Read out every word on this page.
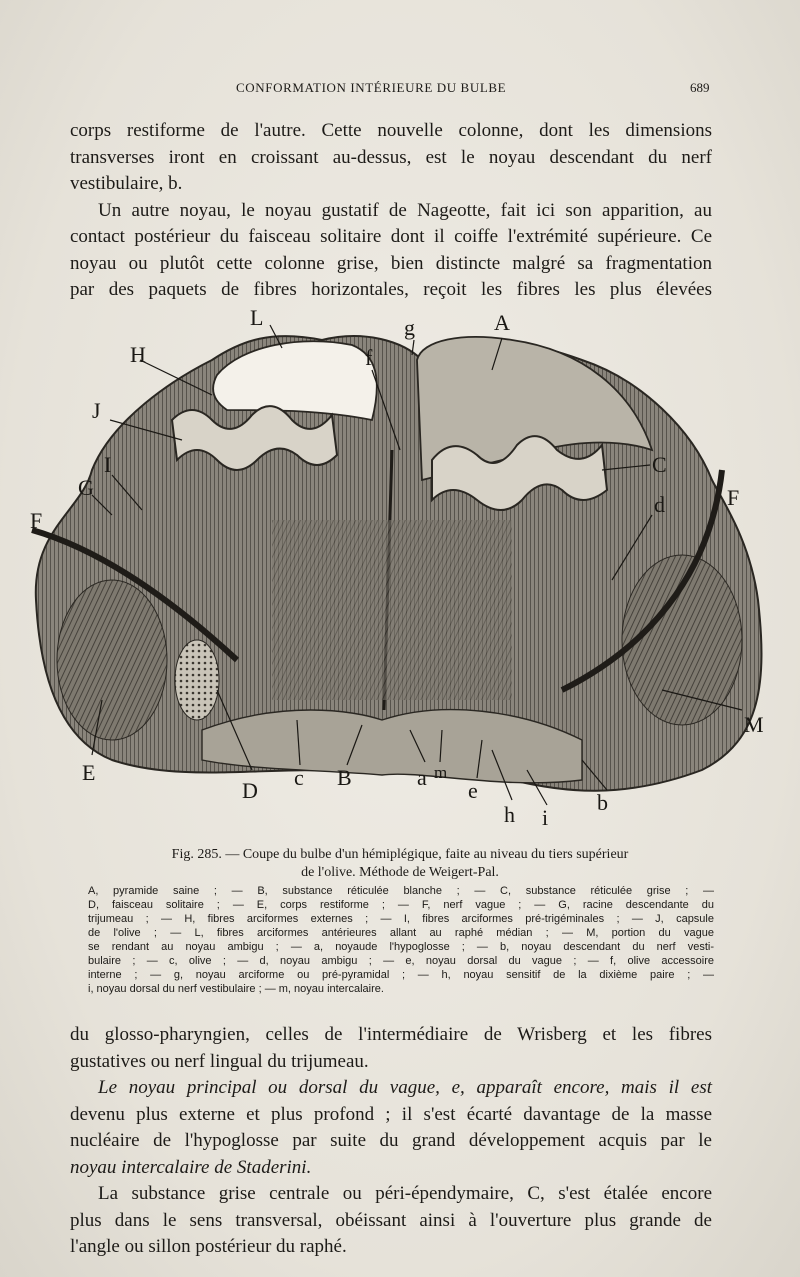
CONFORMATION INTÉRIEURE DU BULBE	689
corps restiforme de l'autre. Cette nouvelle colonne, dont les dimensions
transverses iront en croissant au-dessus, est le noyau descendant du nerf
vestibulaire, b.
Un autre noyau, le noyau gustatif de Nageotte, fait ici son apparition, au
contact postérieur du faisceau solitaire dont il coiffe l'extrémité supérieure. Ce
noyau ou plutôt cette colonne grise, bien distincte malgré sa fragmentation
par des paquets de fibres horizontales, reçoit les fibres les plus élevées
L	g	A
H	f
J
C
I
d
G
F
F
M
E
D
c B	a m
e	b
h i
Fig. 285. — Coupe du bulbe d'un hémiplégique, faite au niveau du tiers supérieur
de l'olive. Méthode de Weigert-Pal.
A, pyramide saine ; — B, substance réticulée blanche ; — C, substance réticulée grise ; —
D, faisceau solitaire ; — E, corps restiforme ; — F, nerf vague ; — G, racine descendante du
trijumeau ; — H, fibres arciformes externes ; — I, fibres arciformes pré-trigéminales ; — J, capsule
de l'olive ; — L, fibres arciformes antérieures allant au raphé médian ; — M, portion du vague
se rendant au noyau ambigu ; — a, noyaude l'hypoglosse ; — b, noyau descendant du nerf vesti-
bulaire ; — c, olive ; — d, noyau ambigu ; — e, noyau dorsal du vague ; — f, olive accessoire
interne ; — g, noyau arciforme ou pré-pyramidal ; — h, noyau sensitif de la dixième paire ; —
i, noyau dorsal du nerf vestibulaire ; — m, noyau intercalaire.
du glosso-pharyngien, celles de l'intermédiaire de Wrisberg et les fibres
gustatives ou nerf lingual du trijumeau.
Le noyau principal ou dorsal du vague, e, apparaît encore, mais il est
devenu plus externe et plus profond ; il s'est écarté davantage de la masse
nucléaire de l'hypoglosse par suite du grand développement acquis par le
noyau intercalaire de Staderini.
La substance grise centrale ou péri-épendymaire, C, s'est étalée encore
plus dans le sens transversal, obéissant ainsi à l'ouverture plus grande de
l'angle ou sillon postérieur du raphé.
